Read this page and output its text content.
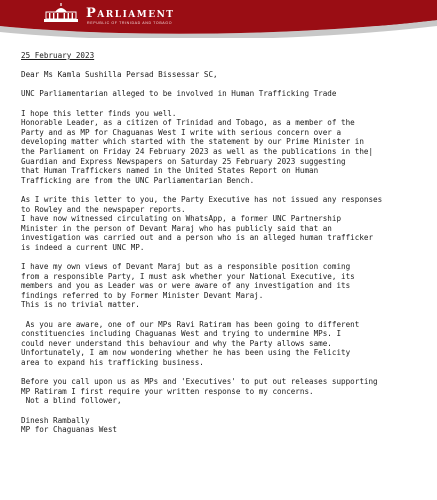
Parliament
REPUBLIC OF TRINIDAD AND TOBAGO

25 February 2023

Dear Ms Kamla Sushilla Persad Bissessar SC,

UNC Parliamentarian alleged to be involved in Human Trafficking Trade

I hope this letter finds you well.

Honorable Leader, as a citizen of Trinidad and Tobago, as a member of the

Party and as MP for Chaguanas West I write with serious concern over a

developing matter which started with the statement by our Prime Minister in

the Parliament on Friday 24 February 2023 as well as the publications in the|

Guardian and Express Newspapers on Saturday 25 February 2023 suggesting

that Human Traffickers named in the United States Report on Human

Trafficking are from the UNC Parliamentarian Bench.

As I write this letter to you, the Party Executive has not issued any responses

to Rowley and the newspaper reports.

I have now witnessed circulating on WhatsApp, a former UNC Partnership

Minister in the person of Devant Maraj who has publicly said that an

investigation was carried out and a person who is an alleged human trafficker

is indeed a current UNC MP.

I have my own views of Devant Maraj but as a responsible position coming

from a responsible Party, I must ask whether your National Executive, its

members and you as Leader was or were aware of any investigation and its

findings referred to by Former Minister Devant Maraj.

This is no trivial matter.

As you are aware, one of our MPs Ravi Ratiram has been going to different

constituencies including Chaguanas West and trying to undermine MPs. I

could never understand this behaviour and why the Party allows same.

Unfortunately, I am now wondering whether he has been using the Felicity

area to expand his trafficking business.

Before you call upon us as MPs and 'Executives' to put out releases supporting

MP Ratiram I first require your written response to my concerns.

Not a blind follower,

Dinesh Rambally

MP for Chaguanas West
